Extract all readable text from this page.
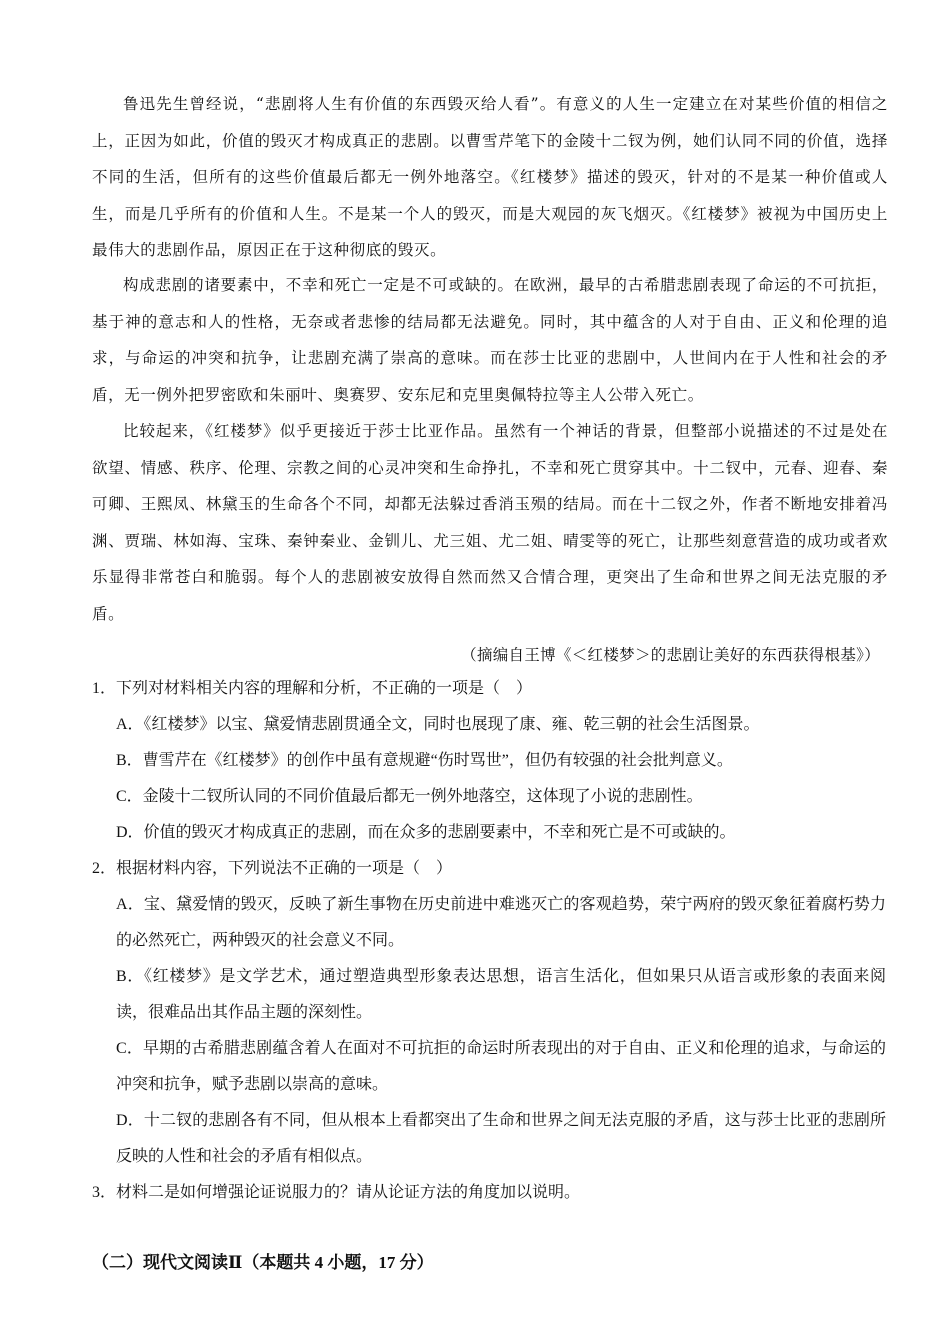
鲁迅先生曾经说，“悲剧将人生有价值的东西毁灭给人看”。有意义的人生一定建立在对某些价值的相信之上，正因为如此，价值的毁灭才构成真正的悲剧。以曹雪芹笔下的金陵十二钗为例，她们认同不同的价值，选择不同的生活，但所有的这些价值最后都无一例外地落空。《红楼梦》描述的毁灭，针对的不是某一种价值或人生，而是几乎所有的价值和人生。不是某一个人的毁灭，而是大观园的灰飞烟灭。《红楼梦》被视为中国历史上最伟大的悲剧作品，原因正在于这种彻底的毁灭。

构成悲剧的诸要素中，不幸和死亡一定是不可或缺的。在欧洲，最早的古希腊悲剧表现了命运的不可抗拒，基于神的意志和人的性格，无奈或者悲惨的结局都无法避免。同时，其中蕴含的人对于自由、正义和伦理的追求，与命运的冲突和抗争，让悲剧充满了崇高的意味。而在莎士比亚的悲剧中，人世间内在于人性和社会的矛盾，无一例外把罗密欧和朱丽叶、奥赛罗、安东尼和克里奥佩特拉等主人公带入死亡。

比较起来，《红楼梦》似乎更接近于莎士比亚作品。虽然有一个神话的背景，但整部小说描述的不过是处在欲望、情感、秩序、伦理、宗教之间的心灵冲突和生命挣扎，不幸和死亡贯穿其中。十二钗中，元春、迎春、秦可卿、王熙凤、林黛玉的生命各个不同，却都无法躲过香消玉殒的结局。而在十二钗之外，作者不断地安排着冯渊、贾瑞、林如海、宝珠、秦钟秦业、金钏儿、尤三姐、尤二姐、晴雯等的死亡，让那些刻意营造的成功或者欢乐显得非常苍白和脆弱。每个人的悲剧被安放得自然而然又合情合理，更突出了生命和世界之间无法克服的矛盾。

（摘编自王博《＜红楼梦＞的悲剧让美好的东西获得根基》）
1．下列对材料相关内容的理解和分析，不正确的一项是（　）
A．《红楼梦》以宝、黛爱情悲剧贯通全文，同时也展现了康、雍、乾三朝的社会生活图景。
B．曹雪芹在《红楼梦》的创作中虽有意规避“伤时骂世”，但仍有较强的社会批判意义。
C．金陵十二钗所认同的不同价值最后都无一例外地落空，这体现了小说的悲剧性。
D．价值的毁灭才构成真正的悲剧，而在众多的悲剧要素中，不幸和死亡是不可或缺的。
2．根据材料内容，下列说法不正确的一项是（　）
A．宝、黛爱情的毁灭，反映了新生事物在历史前进中难逃灭亡的客观趋势，荣宁两府的毁灭象征着腐朽势力的必然死亡，两种毁灭的社会意义不同。
B．《红楼梦》是文学艺术，通过塑造典型形象表达思想，语言生活化，但如果只从语言或形象的表面来阅读，很难品出其作品主题的深刻性。
C．早期的古希腊悲剧蕴含着人在面对不可抗拒的命运时所表现出的对于自由、正义和伦理的追求，与命运的冲突和抗争，赋予悲剧以崇高的意味。
D．十二钗的悲剧各有不同，但从根本上看都突出了生命和世界之间无法克服的矛盾，这与莎士比亚的悲剧所反映的人性和社会的矛盾有相似点。
3．材料二是如何增强论证说服力的？请从论证方法的角度加以说明。
（二）现代文阅读Ⅱ（本题共 4 小题，17 分）
